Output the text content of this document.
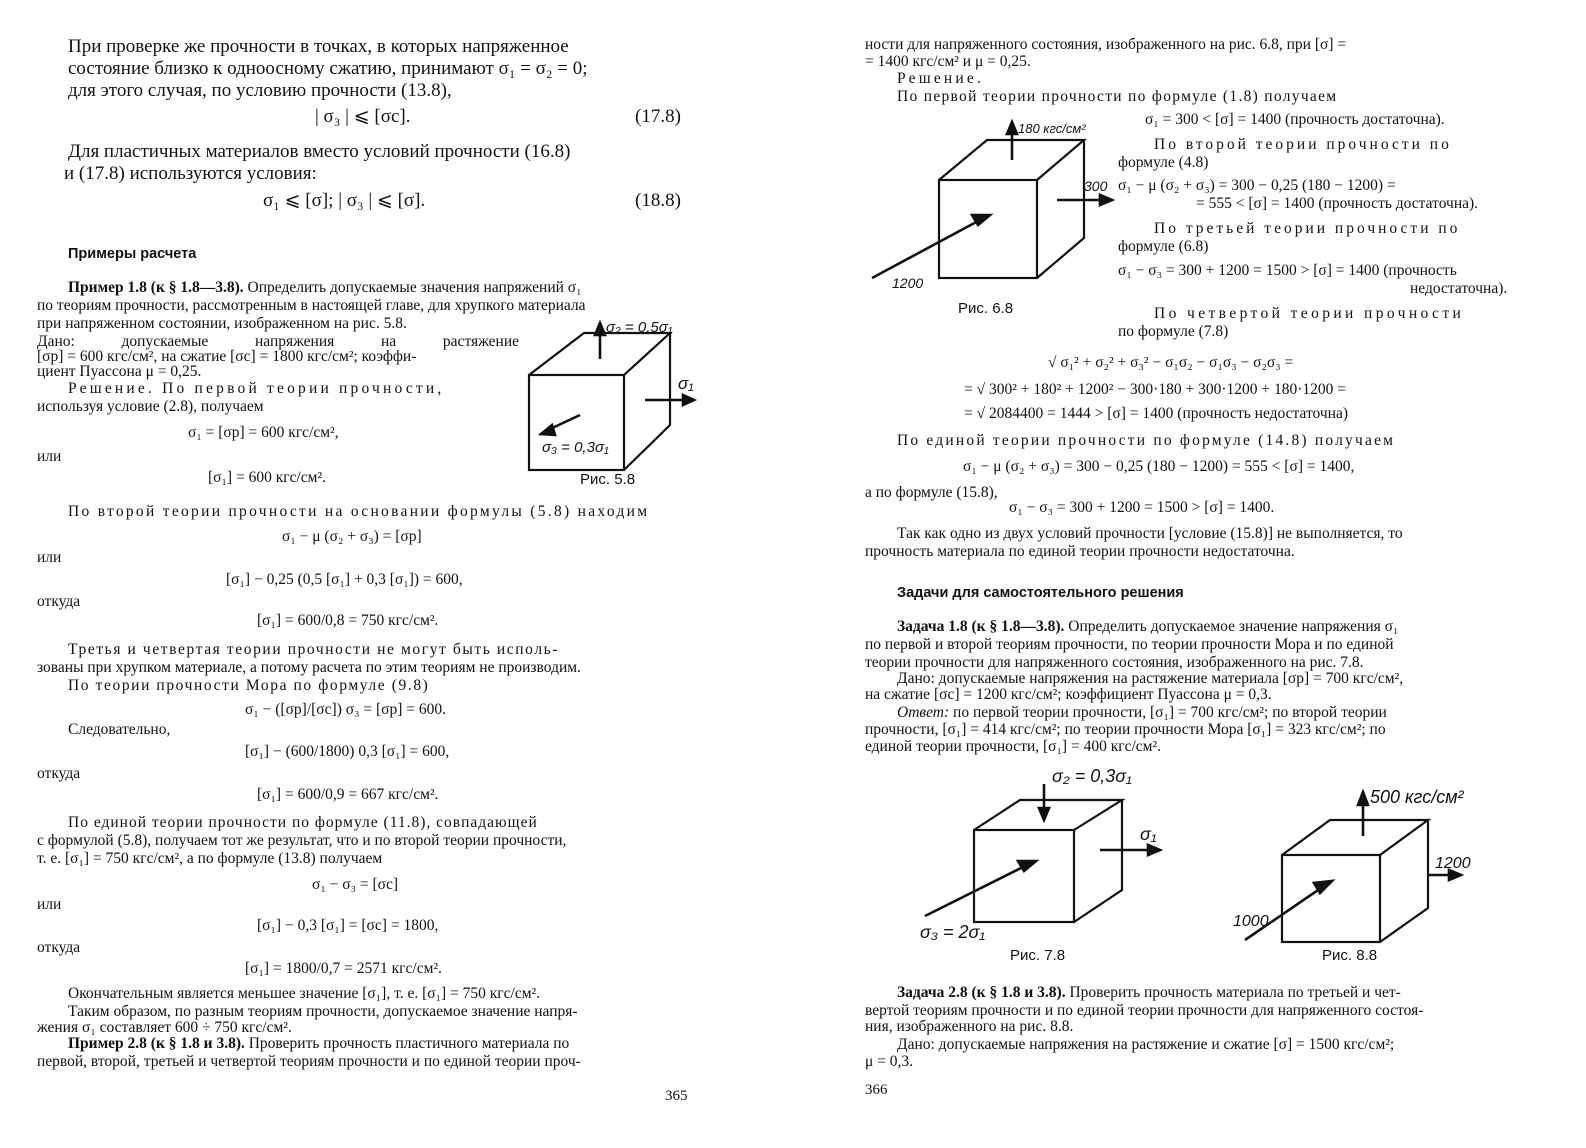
При проверке же прочности в точках, в которых напряженное
состояние близко к одноосному сжатию, принимают σ₁ = σ₂ = 0;
для этого случая, по условию прочности (13.8),
| σ₃ | ⩽ [σc].	(17.8)
Для пластичных материалов вместо условий прочности (16.8)
и (17.8) используются условия:
σ₁ ⩽ [σ]; | σ₃ | ⩽ [σ].	(18.8)
Примеры расчета
Пример 1.8 (к § 1.8—3.8). Определить допускаемые значения напряжений σ₁
по теориям прочности, рассмотренным в настоящей главе, для хрупкого материала
при напряженном состоянии, изображенном на рис. 5.8.
Дано: допускаемые напряжения на растяжение
[σр] = 600 кгс/см², на сжатие [σc] = 1800 кгс/см²; коэффи-
циент Пуассона μ = 0,25.
Решение. По первой теории прочности,
используя условие (2.8), получаем
σ₁ = [σр] = 600 кгс/см²,
или
[σ₁] = 600 кгс/см².
σ₂ = 0,5σ₁
σ₁
σ₃ = 0,3σ₁
Рис. 5.8
По второй теории прочности на основании формулы (5.8) находим
σ₁ − μ (σ₂ + σ₃) = [σр]
или
[σ₁] − 0,25 (0,5 [σ₁] + 0,3 [σ₁]) = 600,
откуда
[σ₁] = 600/0,8 = 750 кгс/см².
Третья и четвертая теории прочности не могут быть исполь-
зованы при хрупком материале, а потому расчета по этим теориям не производим.
По теории прочности Мора по формуле (9.8)
σ₁ − ([σр]/[σc]) σ₃ = [σр] = 600.
Следовательно,
[σ₁] − (600/1800) 0,3 [σ₁] = 600,
откуда
[σ₁] = 600/0,9 = 667 кгс/см².
По единой теории прочности по формуле (11.8), совпадающей
с формулой (5.8), получаем тот же результат, что и по второй теории прочности,
т. е. [σ₁] = 750 кгс/см², а по формуле (13.8) получаем
σ₁ − σ₃ = [σc]
или
[σ₁] − 0,3 [σ₁] = [σc] = 1800,
откуда
[σ₁] = 1800/0,7 = 2571 кгс/см².
Окончательным является меньшее значение [σ₁], т. е. [σ₁] = 750 кгс/см².
Таким образом, по разным теориям прочности, допускаемое значение напря-
жения σ₁ составляет 600 ÷ 750 кгс/см².
Пример 2.8 (к § 1.8 и 3.8). Проверить прочность пластичного материала по
первой, второй, третьей и четвертой теориям прочности и по единой теории проч-
365
ности для напряженного состояния, изображенного на рис. 6.8, при [σ] =
= 1400 кгс/см² и μ = 0,25.
Решение.
По первой теории прочности по формуле (1.8) получаем
σ₁ = 300 < [σ] = 1400 (прочность достаточна).
180 кгс/см²
300
1200
Рис. 6.8
По второй теории прочности по
формуле (4.8)
σ₁ − μ (σ₂ + σ₃) = 300 − 0,25 (180 − 1200) =
= 555 < [σ] = 1400 (прочность достаточна).
По третьей теории прочности по
формуле (6.8)
σ₁ − σ₃ = 300 + 1200 = 1500 > [σ] = 1400 (прочность
недостаточна).
По четвертой теории прочности
по формуле (7.8)
√ σ₁² + σ₂² + σ₃² − σ₁σ₂ − σ₁σ₃ − σ₂σ₃ =
= √ 300² + 180² + 1200² − 300·180 + 300·1200 + 180·1200 =
= √ 2084400 = 1444 > [σ] = 1400 (прочность недостаточна)
По единой теории прочности по формуле (14.8) получаем
σ₁ − μ (σ₂ + σ₃) = 300 − 0,25 (180 − 1200) = 555 < [σ] = 1400,
а по формуле (15.8),
σ₁ − σ₃ = 300 + 1200 = 1500 > [σ] = 1400.
Так как одно из двух условий прочности [условие (15.8)] не выполняется, то
прочность материала по единой теории прочности недостаточна.
Задачи для самостоятельного решения
Задача 1.8 (к § 1.8—3.8). Определить допускаемое значение напряжения σ₁
по первой и второй теориям прочности, по теории прочности Мора и по единой
теории прочности для напряженного состояния, изображенного на рис. 7.8.
Дано: допускаемые напряжения на растяжение материала [σр] = 700 кгс/см²,
на сжатие [σc] = 1200 кгс/см²; коэффициент Пуассона μ = 0,3.
Ответ: по первой теории прочности, [σ₁] = 700 кгс/см²; по второй теории
прочности, [σ₁] = 414 кгс/см²; по теории прочности Мора [σ₁] = 323 кгс/см²; по
единой теории прочности, [σ₁] = 400 кгс/см².
σ₂ = 0,3σ₁
σ₁
σ₃ = 2σ₁
Рис. 7.8
500 кгс/см²
1200
1000
Рис. 8.8
Задача 2.8 (к § 1.8 и 3.8). Проверить прочность материала по третьей и чет-
вертой теориям прочности и по единой теории прочности для напряженного состоя-
ния, изображенного на рис. 8.8.
Дано: допускаемые напряжения на растяжение и сжатие [σ] = 1500 кгс/см²;
μ = 0,3.
366
